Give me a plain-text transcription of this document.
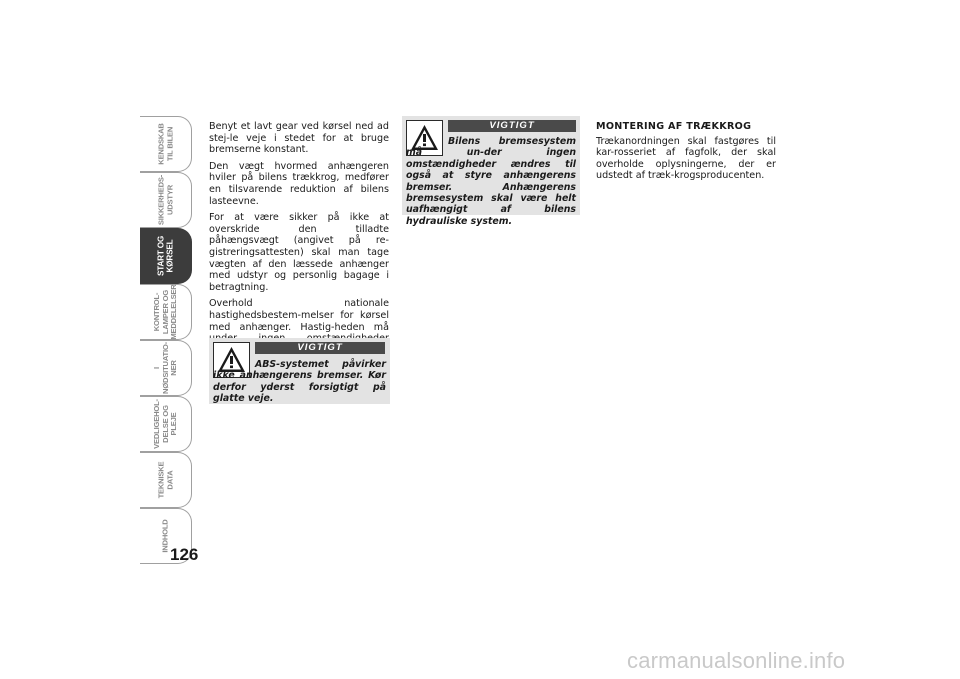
KENDSKAB
TIL BILEN
SIKKERHEDS-
UDSTYR
START OG
KØRSEL
KONTROL-
LAMPER OG
MEDDELELSER
I
NØDSITUATIO-
NER
VEDLIGEHOL-
DELSE OG PLEJE
TEKNISKE
DATA
INDHOLD
126

Benyt et lavt gear ved kørsel ned ad stej-le veje i stedet for at bruge bremserne konstant.

Den vægt hvormed anhængeren hviler på bilens trækkrog, medfører en tilsvarende reduktion af bilens lasteevne.

For at være sikker på ikke at overskride den tilladte påhængsvægt (angivet på re-gistreringsattesten) skal man tage vægten af den læssede anhænger med udstyr og personlig bagage i betragtning.

Overhold nationale hastighedsbestem-melser for kørsel med anhænger. Hastig-heden må

VIGTIGT
ABS-systemet påvirker ikke anhængerens bremser. Kør derfor yderst forsigtigt på glatte veje.
VIGTIGT
Bilens bremsesystem må un-der ingen omstændigheder ændres til også at styre anhængerens bremser. Anhængerens bremsesystem skal være helt uafhængigt af bilens hydrauliske system.

MONTERING AF TRÆKKROG

Trækanordningen skal fastgøres til kar-rosseriet af fagfolk, der skal overholde oplysningerne, der er udstedt af træk-krogsproducenten.

carmanualsonline.info
